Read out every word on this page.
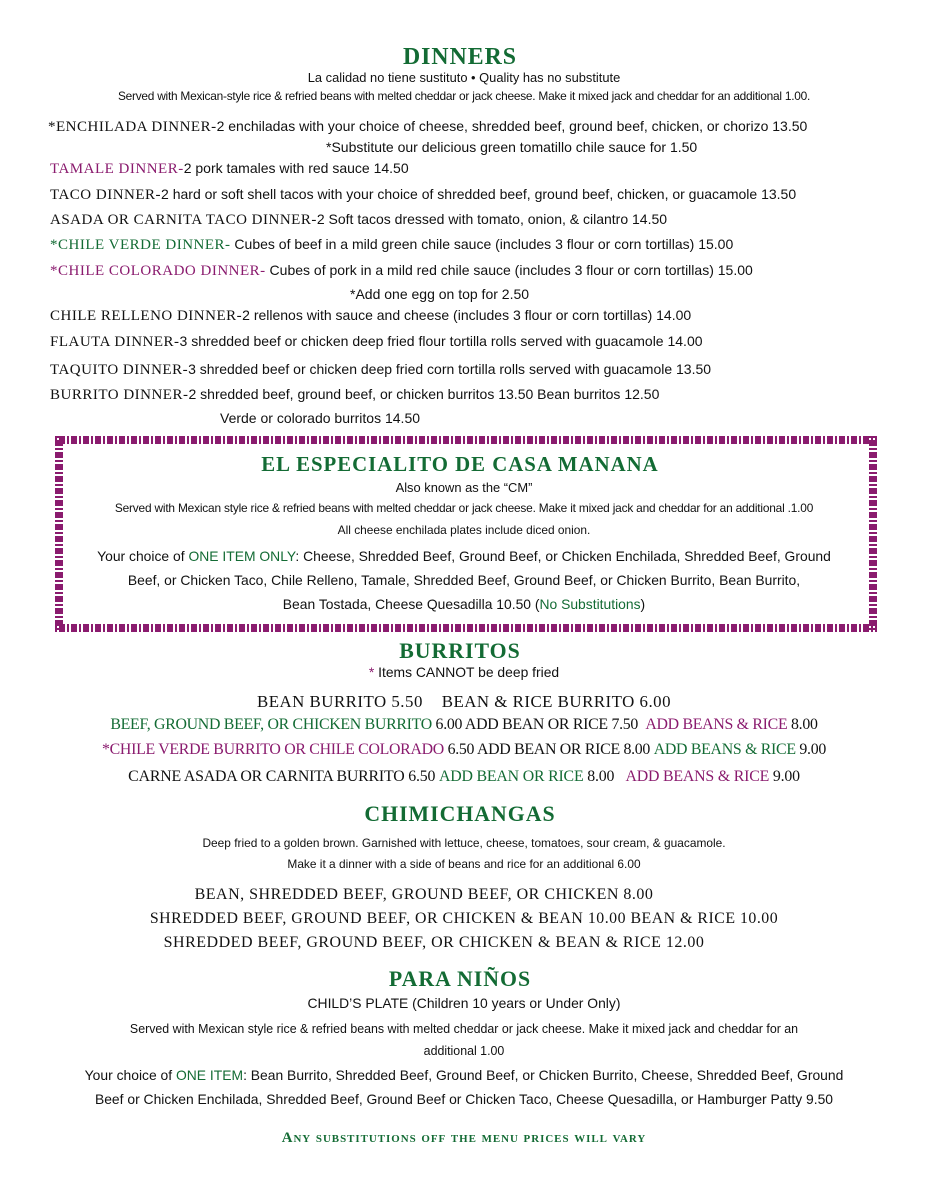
DINNERS
La calidad no tiene sustituto • Quality has no substitute
Served with Mexican-style rice & refried beans with melted cheddar or jack cheese. Make it mixed jack and cheddar for an additional 1.00.
*ENCHILADA DINNER-2 enchiladas with your choice of cheese, shredded beef, ground beef, chicken, or chorizo 13.50
*Substitute our delicious green tomatillo chile sauce for 1.50
TAMALE DINNER-2 pork tamales with red sauce 14.50
TACO DINNER-2 hard or soft shell tacos with your choice of shredded beef, ground beef, chicken, or guacamole 13.50
ASADA OR CARNITA TACO DINNER-2 Soft tacos dressed with tomato, onion, & cilantro 14.50
*CHILE VERDE DINNER- Cubes of beef in a mild green chile sauce (includes 3 flour or corn tortillas) 15.00
*CHILE COLORADO DINNER- Cubes of pork in a mild red chile sauce (includes 3 flour or corn tortillas) 15.00
*Add one egg on top for 2.50
CHILE RELLENO DINNER-2 rellenos with sauce and cheese (includes 3 flour or corn tortillas) 14.00
FLAUTA DINNER-3 shredded beef or chicken deep fried flour tortilla rolls served with guacamole 14.00
TAQUITO DINNER-3 shredded beef or chicken deep fried corn tortilla rolls served with guacamole 13.50
BURRITO DINNER-2 shredded beef, ground beef, or chicken burritos 13.50 Bean burritos 12.50
Verde or colorado burritos 14.50
EL ESPECIALITO DE CASA MANANA
Also known as the “CM”
Served with Mexican style rice & refried beans with melted cheddar or jack cheese. Make it mixed jack and cheddar for an additional .1.00
All cheese enchilada plates include diced onion.
Your choice of ONE ITEM ONLY: Cheese, Shredded Beef, Ground Beef, or Chicken Enchilada, Shredded Beef, Ground
Beef, or Chicken Taco, Chile Relleno, Tamale, Shredded Beef, Ground Beef, or Chicken Burrito, Bean Burrito,
Bean Tostada, Cheese Quesadilla 10.50 (No Substitutions)
BURRITOS
* Items CANNOT be deep fried
BEAN BURRITO 5.50 BEAN & RICE BURRITO 6.00
BEEF, GROUND BEEF, OR CHICKEN BURRITO 6.00 ADD BEAN OR RICE 7.50 ADD BEANS & RICE 8.00
*CHILE VERDE BURRITO OR CHILE COLORADO 6.50 ADD BEAN OR RICE 8.00 ADD BEANS & RICE 9.00
CARNE ASADA OR CARNITA BURRITO 6.50 ADD BEAN OR RICE 8.00 ADD BEANS & RICE 9.00
CHIMICHANGAS
Deep fried to a golden brown. Garnished with lettuce, cheese, tomatoes, sour cream, & guacamole.
Make it a dinner with a side of beans and rice for an additional 6.00
BEAN, SHREDDED BEEF, GROUND BEEF, OR CHICKEN 8.00
SHREDDED BEEF, GROUND BEEF, OR CHICKEN & BEAN 10.00 BEAN & RICE 10.00
SHREDDED BEEF, GROUND BEEF, OR CHICKEN & BEAN & RICE 12.00
PARA NIÑOS
CHILD’S PLATE (Children 10 years or Under Only)
Served with Mexican style rice & refried beans with melted cheddar or jack cheese. Make it mixed jack and cheddar for an
additional 1.00
Your choice of ONE ITEM: Bean Burrito, Shredded Beef, Ground Beef, or Chicken Burrito, Cheese, Shredded Beef, Ground
Beef or Chicken Enchilada, Shredded Beef, Ground Beef or Chicken Taco, Cheese Quesadilla, or Hamburger Patty 9.50
Any substitutions off the menu prices will vary
